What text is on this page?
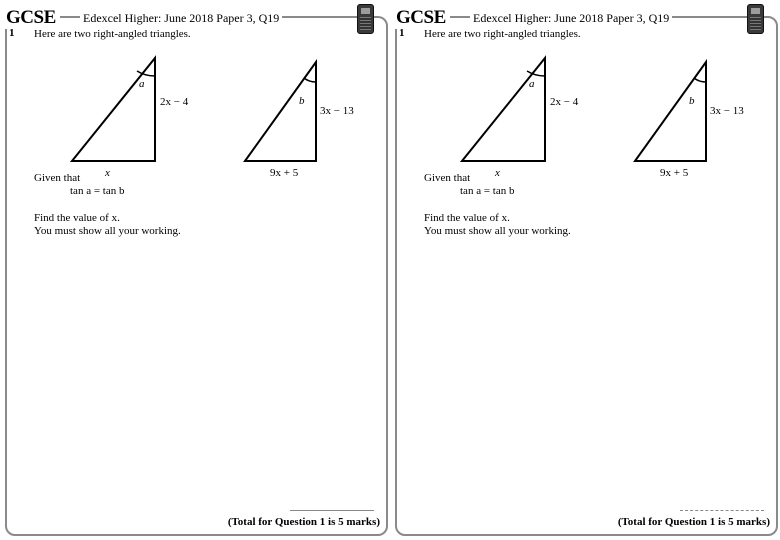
GCSE	Edexcel Higher: June 2018 Paper 3, Q19
1 Here are two right-angled triangles.
a
2x − 4
x
b
3x − 13
9x + 5
Given that
tan a = tan b
Find the value of x.
You must show all your working.
(Total for Question 1 is 5 marks)
GCSE	Edexcel Higher: June 2018 Paper 3, Q19
1 Here are two right-angled triangles.
a
2x − 4
x
b
3x − 13
9x + 5
Given that
tan a = tan b
Find the value of x.
You must show all your working.
(Total for Question 1 is 5 marks)
